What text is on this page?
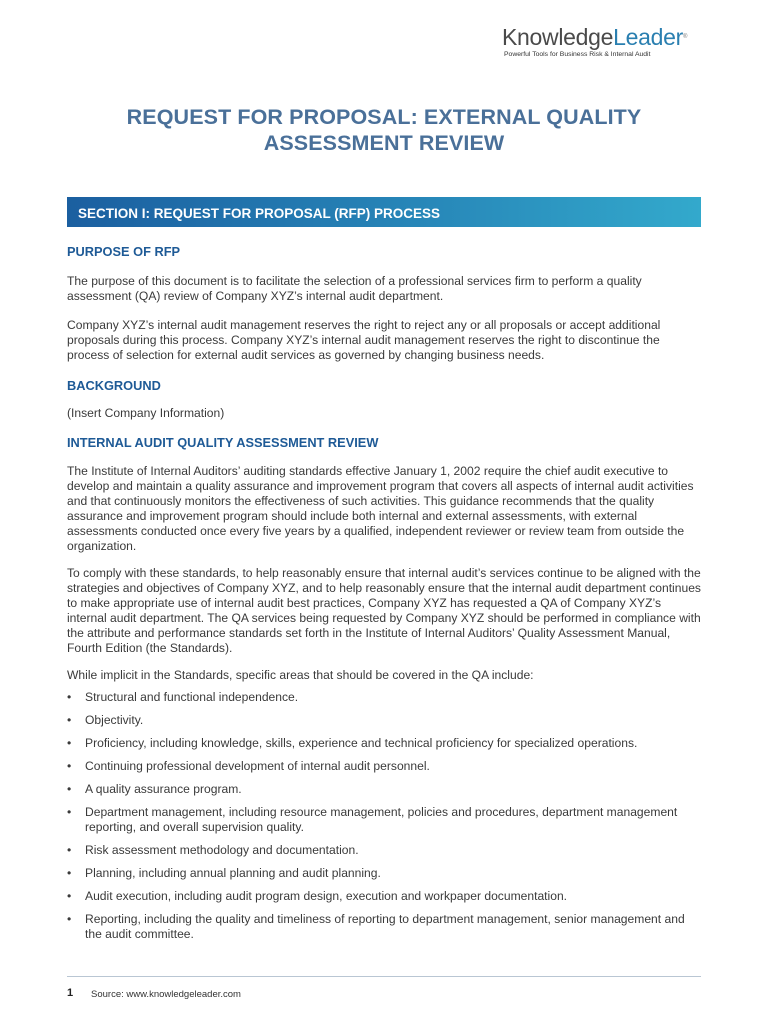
KnowledgeLeader®
Powerful Tools for Business Risk & Internal Audit
REQUEST FOR PROPOSAL: EXTERNAL QUALITY
ASSESSMENT REVIEW
SECTION I: REQUEST FOR PROPOSAL (RFP) PROCESS
PURPOSE OF RFP

The purpose of this document is to facilitate the selection of a professional services firm to perform a quality assessment (QA) review of Company XYZ’s internal audit department.

Company XYZ’s internal audit management reserves the right to reject any or all proposals or accept additional proposals during this process. Company XYZ’s internal audit management reserves the right to discontinue the process of selection for external audit services as governed by changing business needs.

BACKGROUND

(Insert Company Information)

INTERNAL AUDIT QUALITY ASSESSMENT REVIEW

The Institute of Internal Auditors’ auditing standards effective January 1, 2002 require the chief audit executive to develop and maintain a quality assurance and improvement program that covers all aspects of internal audit activities and that continuously monitors the effectiveness of such activities. This guidance recommends that the quality assurance and improvement program should include both internal and external assessments, with external assessments conducted once every five years by a qualified, independent reviewer or review team from outside the organization.

To comply with these standards, to help reasonably ensure that internal audit’s services continue to be aligned with the strategies and objectives of Company XYZ, and to help reasonably ensure that the internal audit department continues to make appropriate use of internal audit best practices, Company XYZ has requested a QA of Company XYZ’s internal audit department. The QA services being requested by Company XYZ should be performed in compliance with the attribute and performance standards set forth in the Institute of Internal Auditors’ Quality Assessment Manual, Fourth Edition (the Standards).

While implicit in the Standards, specific areas that should be covered in the QA include:

• Structural and functional independence.
• Objectivity.
• Proficiency, including knowledge, skills, experience and technical proficiency for specialized operations.
• Continuing professional development of internal audit personnel.
• A quality assurance program.
• Department management, including resource management, policies and procedures, department management reporting, and overall supervision quality.
• Risk assessment methodology and documentation.
• Planning, including annual planning and audit planning.
• Audit execution, including audit program design, execution and workpaper documentation.
• Reporting, including the quality and timeliness of reporting to department management, senior management and the audit committee.
1 Source: www.knowledgeleader.com
